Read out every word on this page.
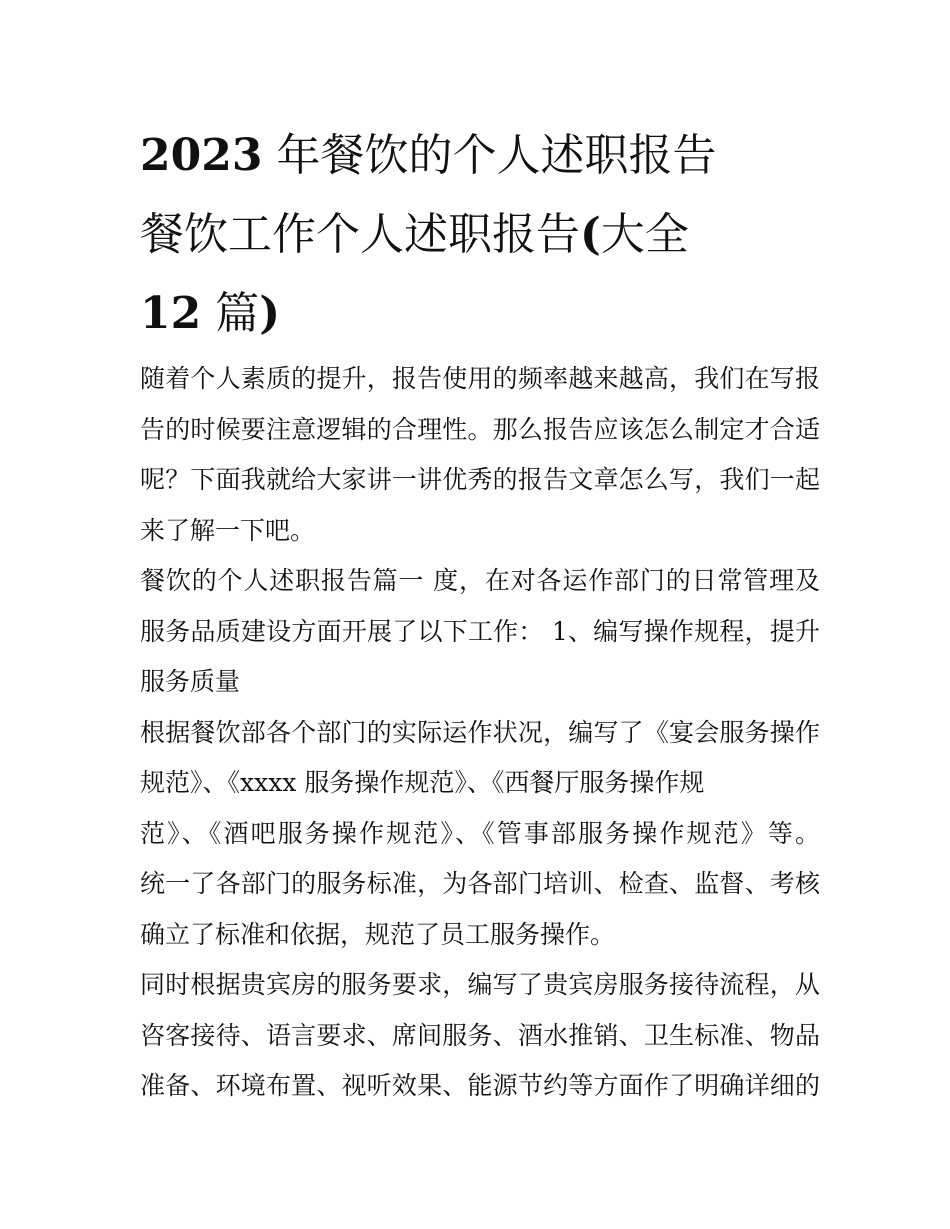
2023 年餐饮的个人述职报告
餐饮工作个人述职报告(大全
12 篇)
随着个人素质的提升，报告使用的频率越来越高，我们在写报
告的时候要注意逻辑的合理性。那么报告应该怎么制定才合适
呢？下面我就给大家讲一讲优秀的报告文章怎么写，我们一起
来了解一下吧。
餐饮的个人述职报告篇一 度，在对各运作部门的日常管理及
服务品质建设方面开展了以下工作： 1、编写操作规程，提升
服务质量
根据餐饮部各个部门的实际运作状况，编写了《宴会服务操作
规范》、《xxxx 服务操作规范》、《西餐厅服务操作规
范》、《酒吧服务操作规范》、《管事部服务操作规范》等。
统一了各部门的服务标准，为各部门培训、检查、监督、考核
确立了标准和依据，规范了员工服务操作。
同时根据贵宾房的服务要求，编写了贵宾房服务接待流程，从
咨客接待、语言要求、席间服务、酒水推销、卫生标准、物品
准备、环境布置、视听效果、能源节约等方面作了明确详细的
